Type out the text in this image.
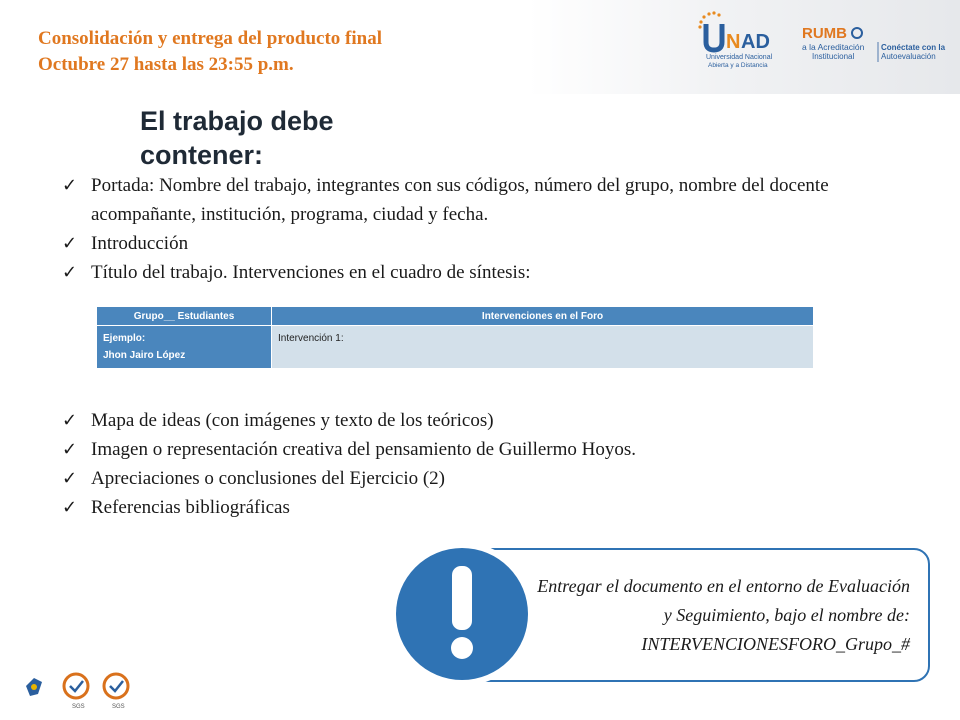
Consolidación y entrega del producto final
Octubre 27 hasta las 23:55 p.m.
N AD
Universidad Nacional
Abierta y a Distancia
RUMB
a la Acreditación
Institucional
Conéctate con la
Autoevaluación
El trabajo debe contener:
✓ Portada: Nombre del trabajo, integrantes con sus códigos, número del grupo, nombre del docente acompañante, institución, programa, ciudad y fecha.
✓ Introducción
✓ Título del trabajo. Intervenciones en el cuadro de síntesis:
Grupo__ Estudiantes	Intervenciones en el Foro

Ejemplo:
Jhon Jairo López	Intervención 1:
✓ Mapa de ideas (con imágenes y texto de los teóricos)
✓ Imagen o representación creativa del pensamiento de Guillermo Hoyos.
✓ Apreciaciones o conclusiones del Ejercicio (2)
✓ Referencias bibliográficas
Entregar el documento en el entorno de Evaluación y Seguimiento, bajo el nombre de: INTERVENCIONESFORO_Grupo_#
SGS	SGS
